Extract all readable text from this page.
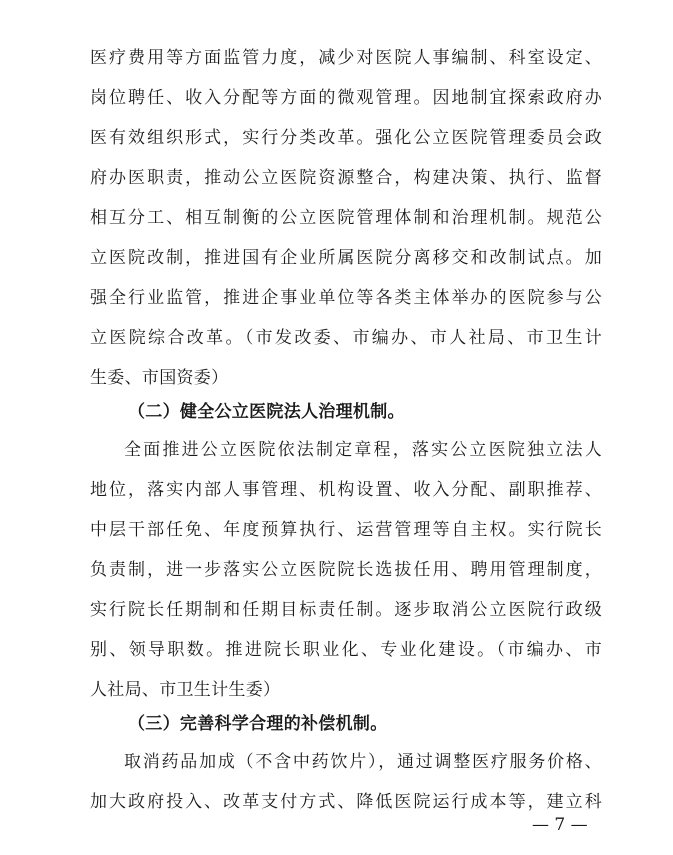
医疗费用等方面监管力度，减少对医院人事编制、科室设定、
岗位聘任、收入分配等方面的微观管理。因地制宜探索政府办
医有效组织形式，实行分类改革。强化公立医院管理委员会政
府办医职责，推动公立医院资源整合，构建决策、执行、监督
相互分工、相互制衡的公立医院管理体制和治理机制。规范公
立医院改制，推进国有企业所属医院分离移交和改制试点。加
强全行业监管，推进企事业单位等各类主体举办的医院参与公
立医院综合改革。（市发改委、市编办、市人社局、市卫生计
生委、市国资委）
（二）健全公立医院法人治理机制。
全面推进公立医院依法制定章程，落实公立医院独立法人
地位，落实内部人事管理、机构设置、收入分配、副职推荐、
中层干部任免、年度预算执行、运营管理等自主权。实行院长
负责制，进一步落实公立医院院长选拔任用、聘用管理制度，
实行院长任期制和任期目标责任制。逐步取消公立医院行政级
别、领导职数。推进院长职业化、专业化建设。（市编办、市
人社局、市卫生计生委）
（三）完善科学合理的补偿机制。
取消药品加成（不含中药饮片），通过调整医疗服务价格、
加大政府投入、改革支付方式、降低医院运行成本等，建立科
— 7 —
